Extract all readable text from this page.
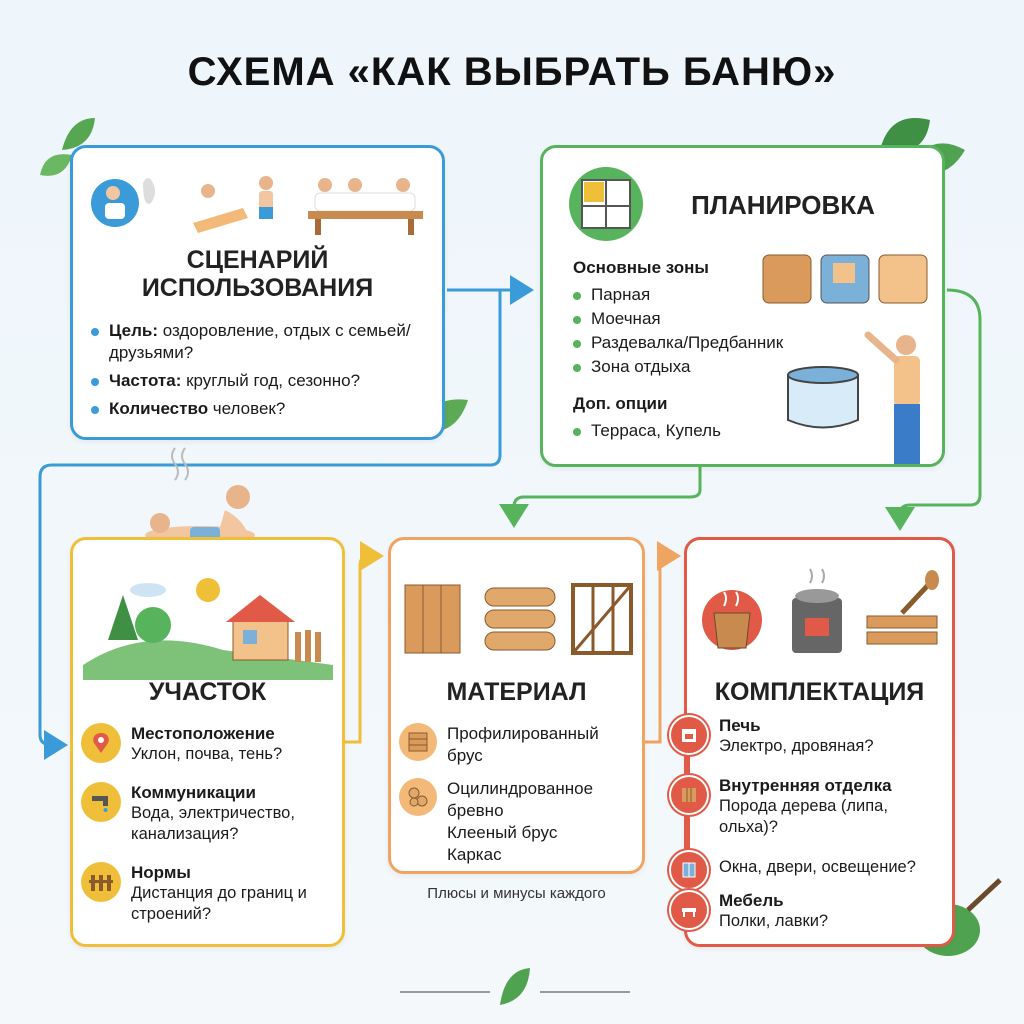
СХЕМА «КАК ВЫБРАТЬ БАНЮ»
СЦЕНАРИЙ
ИСПОЛЬЗОВАНИЯ
Цель: оздоровление, отдых с семьей/друзьями?
Частота: круглый год, сезонно?
Количество человек?
ПЛАНИРОВКА
Основные зоны
Парная
Моечная
Раздевалка/Предбанник
Зона отдыха
Доп. опции
Терраса, Купель
УЧАСТОК
Местоположение
Уклон, почва, тень?
Коммуникации
Вода, электричество, канализация?
Нормы
Дистанция до границ и строений?
МАТЕРИАЛ
Профилированный
брус
Оцилиндрованное
бревно
Клееный брус
Каркас
Плюсы и минусы каждого
КОМПЛЕКТАЦИЯ
Печь
Электро, дровяная?
Внутренняя отделка
Порода дерева (липа, ольха)?
Окна, двери, освещение?
Мебель
Полки, лавки?
